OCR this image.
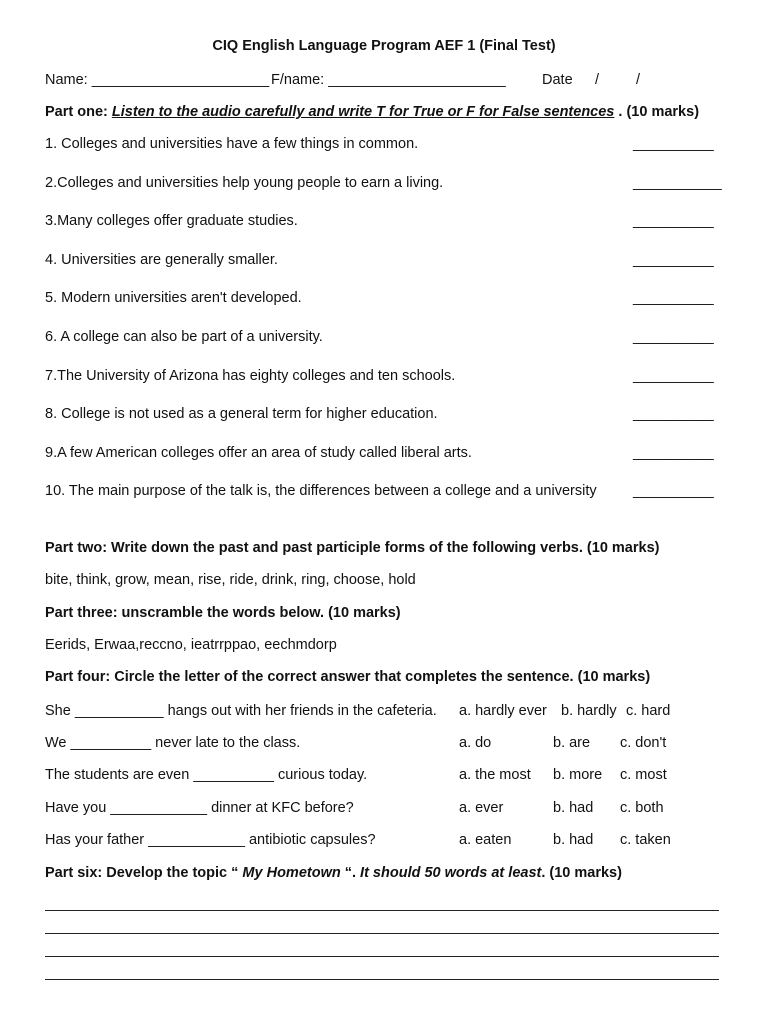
CIQ English Language Program AEF 1 (Final Test)
Name: ______________________ F/name: ______________________	Date /	/
Part one: Listen to the audio carefully and write T for True or F for False sentences . (10 marks)
1. Colleges and universities have a few things in common.	__________
2.Colleges and universities help young people to earn a living.	___________
3.Many colleges offer graduate studies.	__________
4. Universities are generally smaller.	__________
5. Modern universities aren't developed.	__________
6. A college can also be part of a university.	__________
7.The University of Arizona has eighty colleges and ten schools.	__________
8. College is not used as a general term for higher education.	__________
9.A few American colleges offer an area of study called liberal arts.	__________
10. The main purpose of the talk is, the differences between a college and a university	__________
Part two: Write down the past and past participle forms of the following verbs. (10 marks)
bite, think, grow, mean, rise, ride, drink, ring, choose, hold
Part three: unscramble the words below. (10 marks)
Eerids, Erwaa,reccno, ieatrrppao, eechmdorp
Part four: Circle the letter of the correct answer that completes the sentence. (10 marks)
She ___________ hangs out with her friends in the cafeteria. a. hardly ever b. hardly c. hard
We __________ never late to the class.	a. do	b. are c. don't
The students are even __________ curious today.	a. the most b. more c. most
Have you ____________ dinner at KFC before?	a. ever	b. had c. both
Has your father ____________ antibiotic capsules?	a. eaten	b. had c. taken
Part six: Develop the topic “ My Hometown “. It should 50 words at least. (10 marks)
